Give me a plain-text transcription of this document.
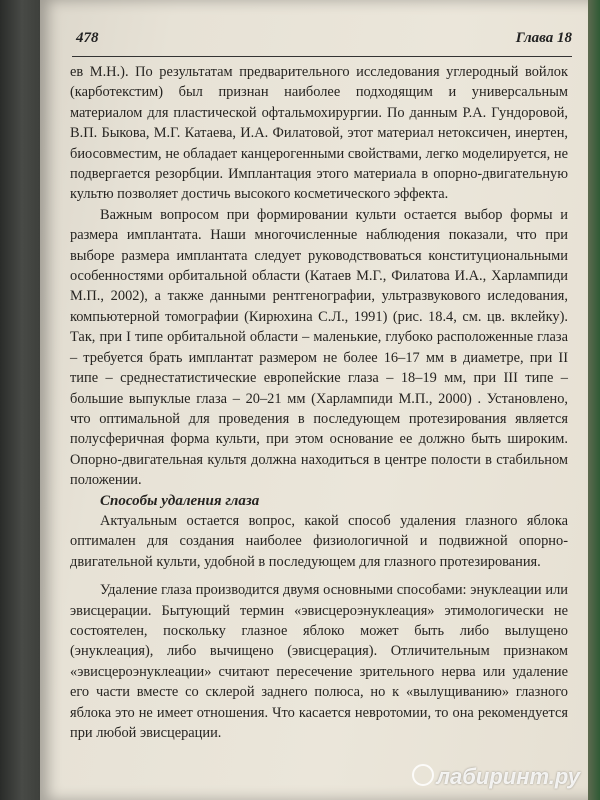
478	Глава 18

ев М.Н.). По результатам предварительного исследования углеродный войлок (карботекстим) был признан наиболее подходящим и универсальным материалом для пластической офтальмохирургии. По данным Р.А. Гундоровой, В.П. Быкова, М.Г. Катаева, И.А. Филатовой, этот материал нетоксичен, инертен, биосовместим, не обладает канцерогенными свойствами, легко моделируется, не подвергается резорбции. Имплантация этого материала в опорно-двигательную культю позволяет достичь высокого косметического эффекта.

Важным вопросом при формировании культи остается выбор формы и размера имплантата. Наши многочисленные наблюдения показали, что при выборе размера имплантата следует руководствоваться конституциональными особенностями орбитальной области (Катаев М.Г., Филатова И.А., Харлампиди М.П., 2002), а также данными рентгенографии, ультразвукового иследования, компьютерной томографии (Кирюхина С.Л., 1991) (рис. 18.4, см. цв. вклейку). Так, при I типе орбитальной области – маленькие, глубоко расположенные глаза – требуется брать имплантат размером не более 16–17 мм в диаметре, при II типе – среднестатистические европейские глаза – 18–19 мм, при III типе – большие выпуклые глаза – 20–21 мм (Харлампиди М.П., 2000) . Установлено, что оптимальной для проведения в последующем протезирования является полусферичная форма культи, при этом основание ее должно быть широким. Опорно-двигательная культя должна находиться в центре полости в стабильном положении.

Способы удаления глаза

Актуальным остается вопрос, какой способ удаления глазного яблока оптимален для создания наиболее физиологичной и подвижной опорно-двигательной культи, удобной в последующем для глазного протезирования.

Удаление глаза производится двумя основными способами: энуклеации или эвисцерации. Бытующий термин «эвисцероэнуклеация» этимологически не состоятелен, поскольку глазное яблоко может быть либо вылущено (энуклеация), либо вычищено (эвисцерация). Отличительным признаком «эвисцероэнуклеации» считают пересечение зрительного нерва или удаление его части вместе со склерой заднего полюса, но к «вылущиванию» глазного яблока это не имеет отношения. Что касается невротомии, то она рекомендуется при любой эвисцерации.

лабиринт.ру
